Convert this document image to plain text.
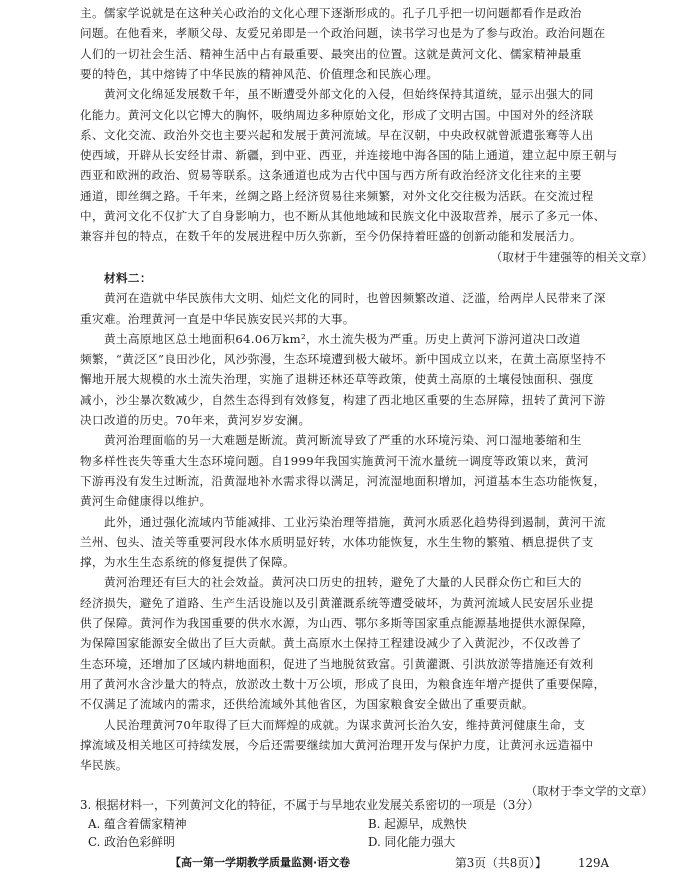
主。儒家学说就是在这种关心政治的文化心理下逐渐形成的。孔子几乎把一切问题都看作是政治
问题。在他看来，孝顺父母、友爱兄弟即是一个政治问题，读书学习也是为了参与政治。政治问题在
人们的一切社会生活、精神生活中占有最重要、最突出的位置。这就是黄河文化、儒家精神最重
要的特色，其中熔铸了中华民族的精神风范、价值理念和民族心理。
黄河文化绵延发展数千年，虽不断遭受外部文化的入侵，但始终保持其道统，显示出强大的同
化能力。黄河文化以它博大的胸怀，吸纳周边多种原始文化，形成了文明古国。中国对外的经济联
系、文化交流、政治外交也主要兴起和发展于黄河流域。早在汉朝，中央政权就曾派遣张骞等人出
使西域，开辟从长安经甘肃、新疆，到中亚、西亚，并连接地中海各国的陆上通道，建立起中原王朝与
西亚和欧洲的政治、贸易等联系。这条通道也成为古代中国与西方所有政治经济文化往来的主要
通道，即丝绸之路。千年来，丝绸之路上经济贸易往来频繁，对外文化交往极为活跃。在交流过程
中，黄河文化不仅扩大了自身影响力，也不断从其他地域和民族文化中汲取营养，展示了多元一体、
兼容并包的特点，在数千年的发展进程中历久弥新，至今仍保持着旺盛的创新动能和发展活力。
（取材于牛建强等的相关文章）
材料二：
黄河在造就中华民族伟大文明、灿烂文化的同时，也曾因频繁改道、泛滥，给两岸人民带来了深
重灾难。治理黄河一直是中华民族安民兴邦的大事。
黄土高原地区总土地面积64.06万km²，水土流失极为严重。历史上黄河下游河道决口改道
频繁，“黄泛区”良田沙化，风沙弥漫，生态环境遭到极大破坏。新中国成立以来，在黄土高原坚持不
懈地开展大规模的水土流失治理，实施了退耕还林还草等政策，使黄土高原的土壤侵蚀面积、强度
减小，沙尘暴次数减少，自然生态得到有效修复，构建了西北地区重要的生态屏障，扭转了黄河下游
决口改道的历史。70年来，黄河岁岁安澜。
黄河治理面临的另一大难题是断流。黄河断流导致了严重的水环境污染、河口湿地萎缩和生
物多样性丧失等重大生态环境问题。自1999年我国实施黄河干流水量统一调度等政策以来，黄河
下游再没有发生过断流，沿黄湿地补水需求得以满足，河流湿地面积增加，河道基本生态功能恢复，
黄河生命健康得以维护。
此外，通过强化流域内节能减排、工业污染治理等措施，黄河水质恶化趋势得到遏制，黄河干流
兰州、包头、渣关等重要河段水体水质明显好转，水体功能恢复，水生生物的繁殖、栖息提供了支
撑，为水生生态系统的修复提供了保障。
黄河治理还有巨大的社会效益。黄河决口历史的扭转，避免了大量的人民群众伤亡和巨大的
经济损失，避免了道路、生产生活设施以及引黄灌溉系统等遭受破坏，为黄河流域人民安居乐业提
供了保障。黄河作为我国重要的供水水源，为山西、鄂尔多斯等国家重点能源基地提供水源保障，
为保障国家能源安全做出了巨大贡献。黄土高原水土保持工程建设减少了入黄泥沙，不仅改善了
生态环境，还增加了区域内耕地面积，促进了当地脱贫致富。引黄灌溉、引洪放淤等措施还有效利
用了黄河水含沙量大的特点，放淤改土数十万公顷，形成了良田，为粮食连年增产提供了重要保障，
不仅满足了流域内的需求，还供给流域外其他省区，为国家粮食安全做出了重要贡献。
人民治理黄河70年取得了巨大而辉煌的成就。为谋求黄河长治久安，维持黄河健康生命，支
撑流域及相关地区可持续发展，今后还需要继续加大黄河治理开发与保护力度，让黄河永远造福中
华民族。
（取材于李文学的文章）
3. 根据材料一，下列黄河文化的特征，不属于与旱地农业发展关系密切的一项是（3分）
A. 蕴含着儒家精神	B. 起源早，成熟快
C. 政治色彩鲜明	D. 同化能力强大
【高一第一学期教学质量监测·语文卷	第3页（共8页）】	129A
